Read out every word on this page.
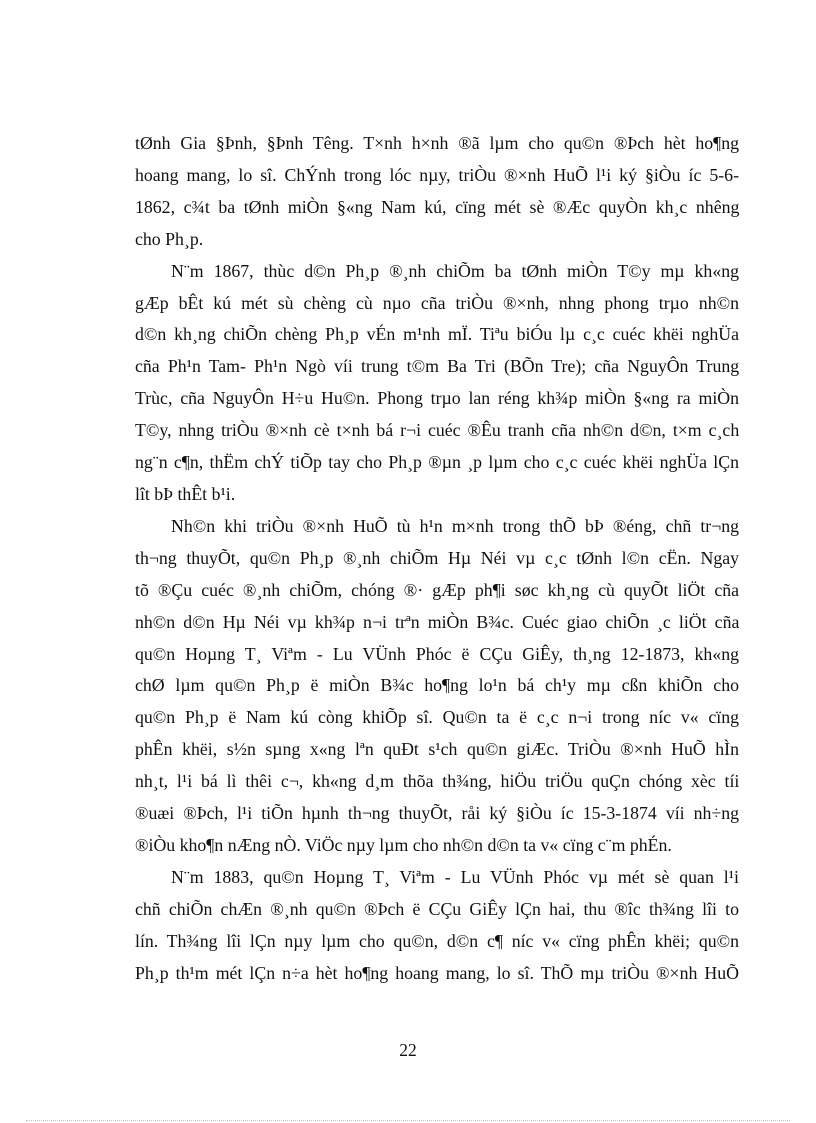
tØnh Gia §Þnh, §Þnh Têng. T×nh h×nh ®ã lµm cho qu©n ®Þch hèt ho¶ng
hoang mang, lo sî. ChÝnh trong lóc nµy, triÒu ®×nh HuÕ l¹i ký §iÒu íc 5-6-
1862, c¾t ba tØnh miÒn §«ng Nam kú, cïng mét sè ®Æc quyÒn kh¸c nhêng
cho Ph¸p.
N¨m 1867, thùc d©n Ph¸p ®¸nh chiÕm ba tØnh miÒn T©y mµ kh«ng
gÆp bÊt kú mét sù chèng cù nµo cña triÒu ®×nh, nhng phong trµo nh©n
d©n kh¸ng chiÕn chèng Ph¸p vÉn m¹nh mÏ. Tiªu biÓu lµ c¸c cuéc khëi nghÜa
cña Ph¹n Tam- Ph¹n Ngò víi trung t©m Ba Tri (BÕn Tre); cña NguyÔn Trung
Trùc, cña NguyÔn H÷u Hu©n. Phong trµo lan réng kh¾p miÒn §«ng ra miÒn
T©y, nhng triÒu ®×nh cè t×nh bá r¬i cuéc ®Êu tranh cña nh©n d©n, t×m c¸ch
ng¨n c¶n, thËm chÝ tiÕp tay cho Ph¸p ®µn ¸p lµm cho c¸c cuéc khëi nghÜa lÇn
lît bÞ thÊt b¹i.
Nh©n khi triÒu ®×nh HuÕ tù h¹n m×nh trong thÕ bÞ ®éng, chñ tr¬ng
th¬ng thuyÕt, qu©n Ph¸p ®¸nh chiÕm Hµ Néi vµ c¸c tØnh l©n cËn. Ngay
tõ ®Çu cuéc ®¸nh chiÕm, chóng ®· gÆp ph¶i søc kh¸ng cù quyÕt liÖt cña
nh©n d©n Hµ Néi vµ kh¾p n¬i trªn miÒn B¾c. Cuéc giao chiÕn ¸c liÖt cña
qu©n Hoµng T¸ Viªm - Lu VÜnh Phóc ë CÇu GiÊy, th¸ng 12-1873, kh«ng
chØ lµm qu©n Ph¸p ë miÒn B¾c ho¶ng lo¹n bá ch¹y mµ cßn khiÕn cho
qu©n Ph¸p ë Nam kú còng khiÕp sî. Qu©n ta ë c¸c n¬i trong níc v« cïng
phÊn khëi, s½n sµng x«ng lªn quÐt s¹ch qu©n giÆc. TriÒu ®×nh HuÕ hÌn
nh¸t, l¹i bá lì thêi c¬, kh«ng d¸m thõa th¾ng, hiÖu triÖu quÇn chóng xèc tíi
®uæi ®Þch, l¹i tiÕn hµnh th¬ng thuyÕt, råi ký §iÒu íc 15-3-1874 víi nh÷ng
®iÒu kho¶n nÆng nÒ. ViÖc nµy lµm cho nh©n d©n ta v« cïng c¨m phÉn.
N¨m 1883, qu©n Hoµng T¸ Viªm - Lu VÜnh Phóc vµ mét sè quan l¹i
chñ chiÕn chÆn ®¸nh qu©n ®Þch ë CÇu GiÊy lÇn hai, thu ®îc th¾ng lîi to
lín. Th¾ng lîi lÇn nµy lµm cho qu©n, d©n c¶ níc v« cïng phÊn khëi; qu©n
Ph¸p th¹m mét lÇn n÷a hèt ho¶ng hoang mang, lo sî. ThÕ mµ triÒu ®×nh HuÕ
22
